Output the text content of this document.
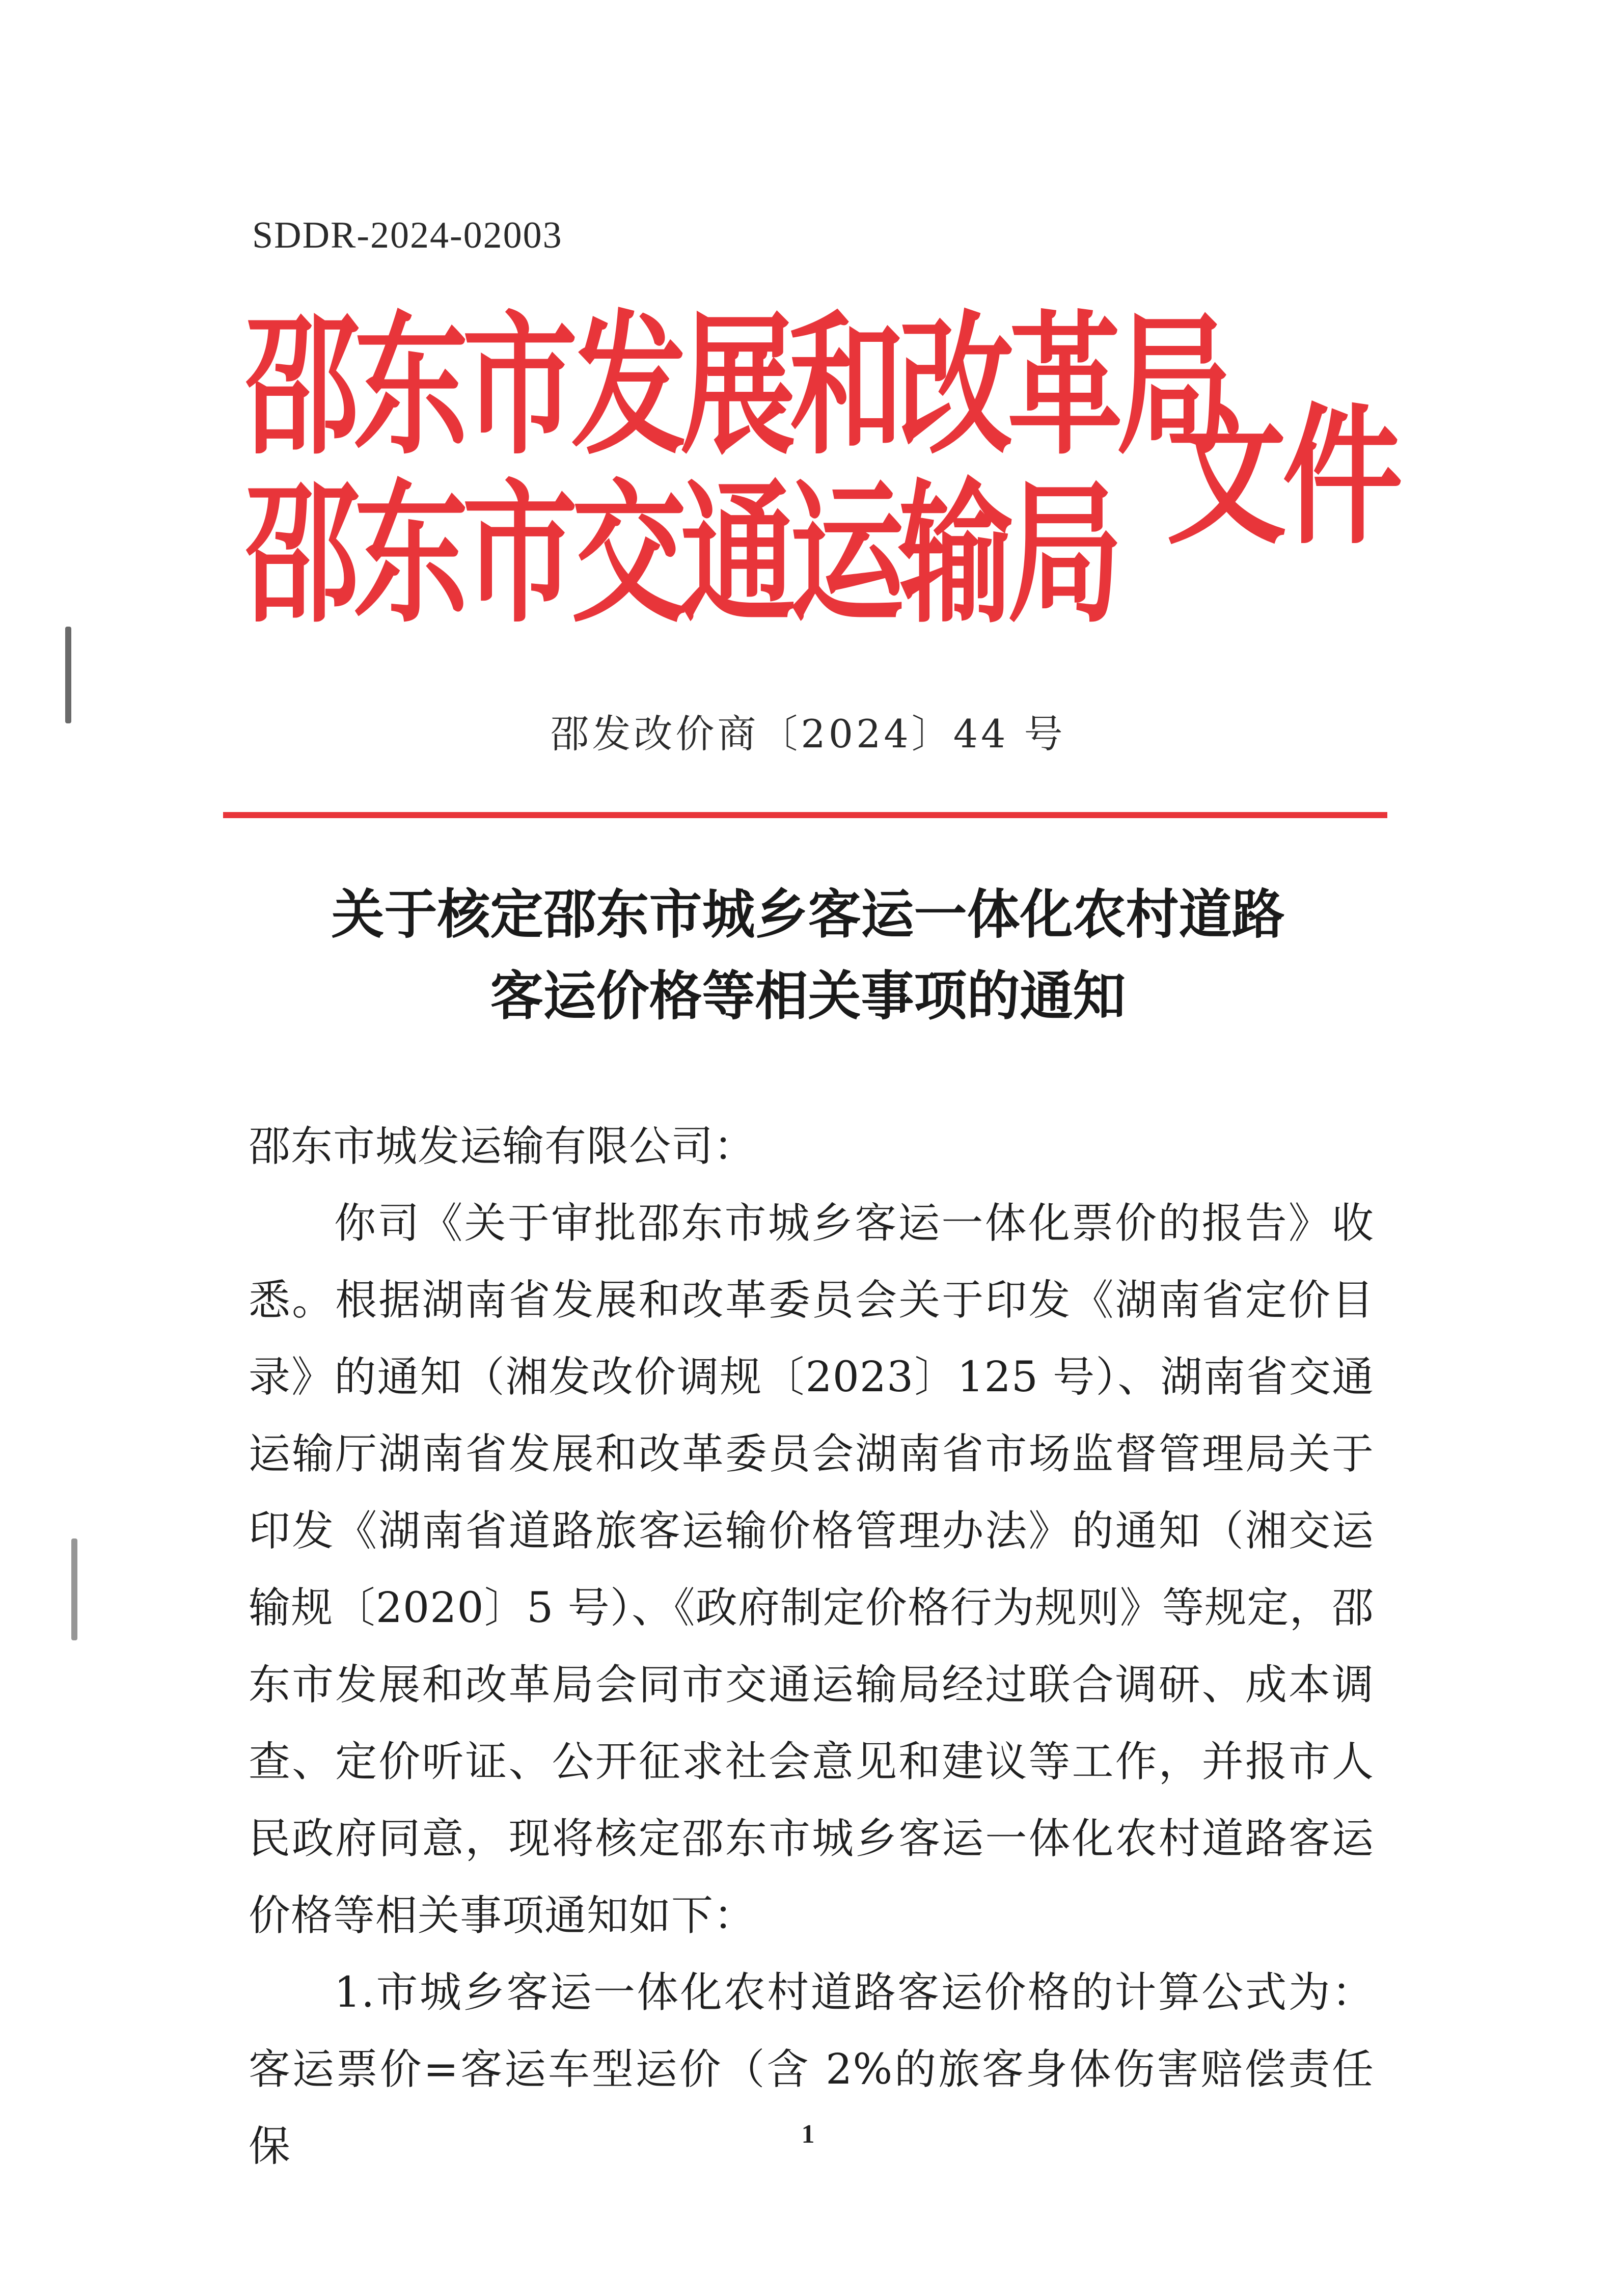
SDDR-2024-02003
邵东市发展和改革局
邵东市交通运输局 文件
邵发改价商〔2024〕44 号
关于核定邵东市城乡客运一体化农村道路
客运价格等相关事项的通知

邵东市城发运输有限公司：

你司《关于审批邵东市城乡客运一体化票价的报告》收悉。根据湖南省发展和改革委员会关于印发《湖南省定价目录》的通知（湘发改价调规〔2023〕125 号）、湖南省交通运输厅湖南省发展和改革委员会湖南省市场监督管理局关于印发《湖南省道路旅客运输价格管理办法》的通知（湘交运输规〔2020〕5 号）、《政府制定价格行为规则》等规定，邵东市发展和改革局会同市交通运输局经过联合调研、成本调查、定价听证、公开征求社会意见和建议等工作，并报市人民政府同意，现将核定邵东市城乡客运一体化农村道路客运价格等相关事项通知如下：

1.市城乡客运一体化农村道路客运价格的计算公式为：客运票价=客运车型运价（含 2%的旅客身体伤害赔偿责任保	1
